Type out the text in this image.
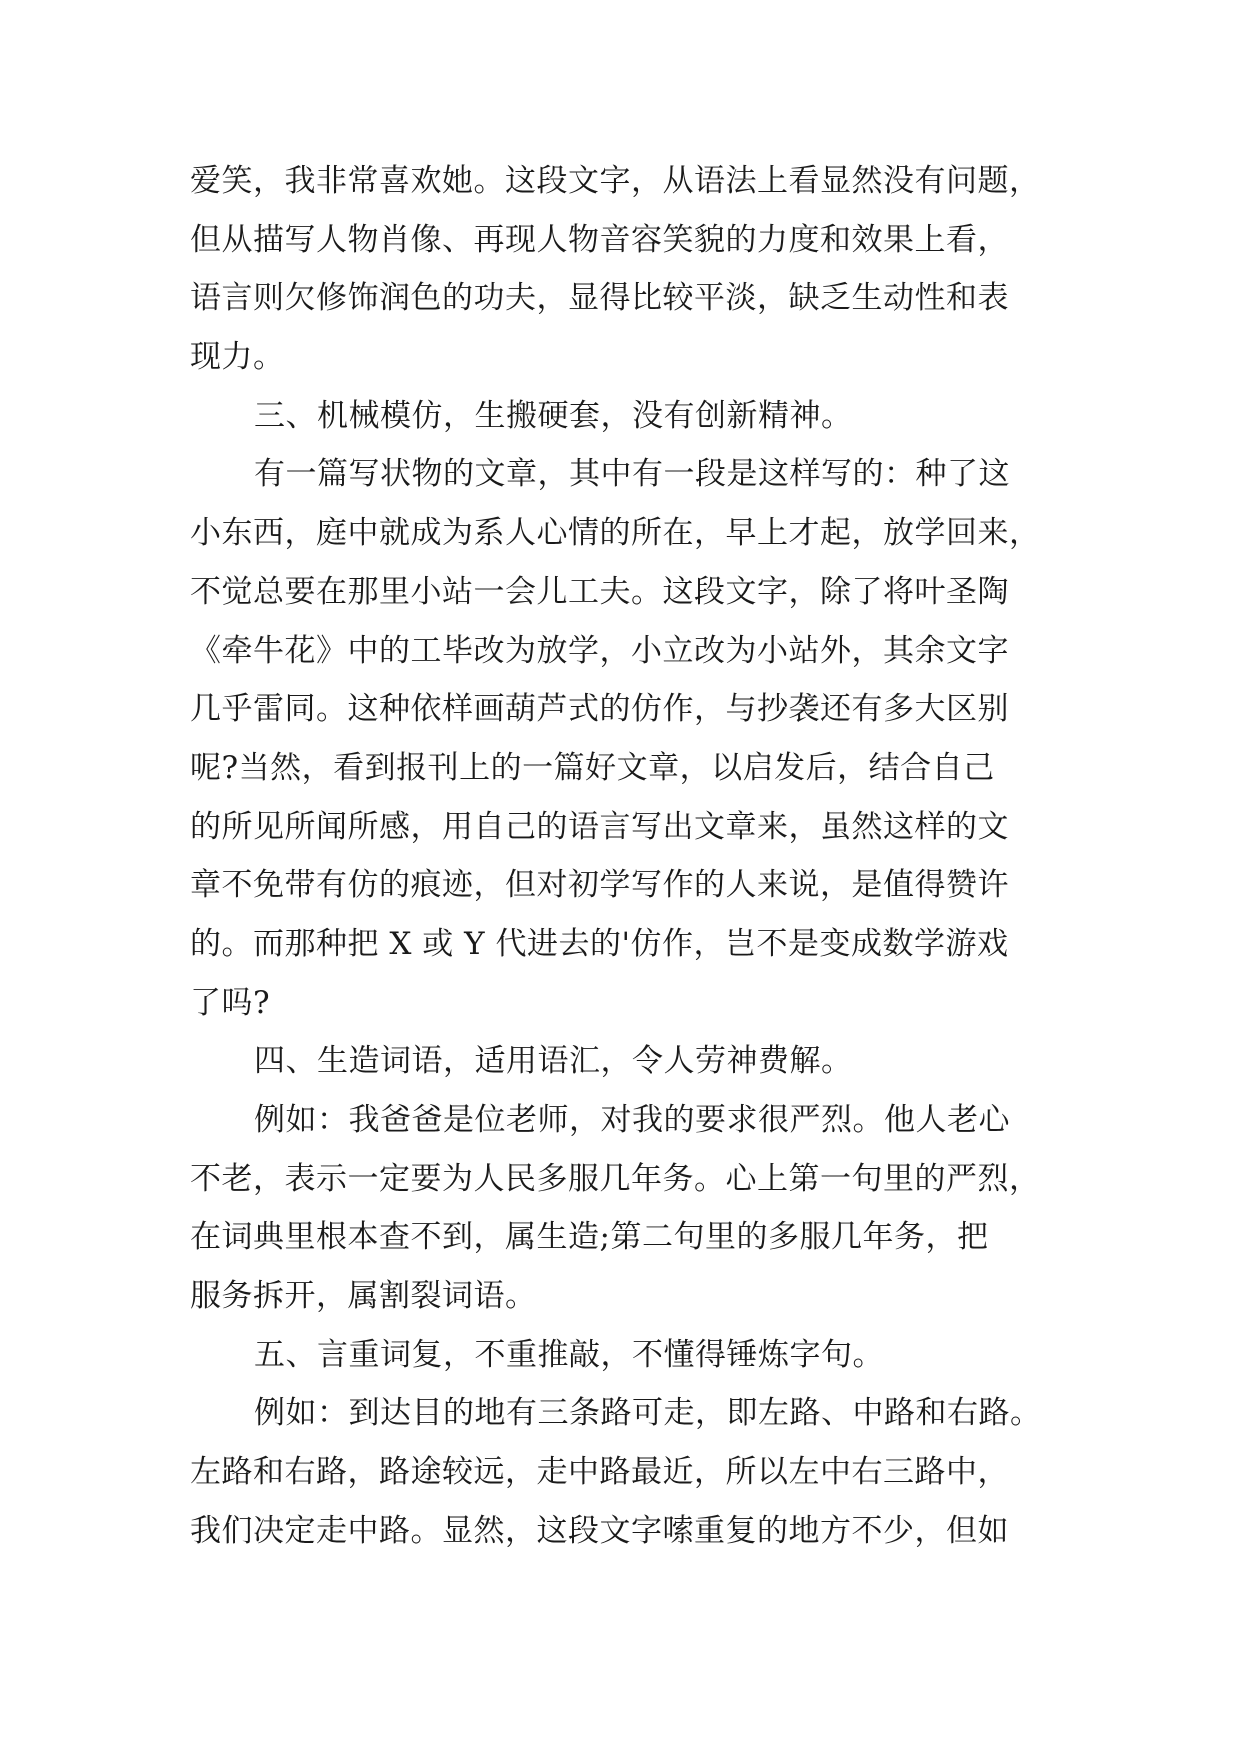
爱笑，我非常喜欢她。这段文字，从语法上看显然没有问题，
但从描写人物肖像、再现人物音容笑貌的力度和效果上看，
语言则欠修饰润色的功夫，显得比较平淡，缺乏生动性和表
现力。
三、机械模仿，生搬硬套，没有创新精神。
有一篇写状物的文章，其中有一段是这样写的：种了这
小东西，庭中就成为系人心情的所在，早上才起，放学回来，
不觉总要在那里小站一会儿工夫。这段文字，除了将叶圣陶
《牵牛花》中的工毕改为放学，小立改为小站外，其余文字
几乎雷同。这种依样画葫芦式的仿作，与抄袭还有多大区别
呢?当然，看到报刊上的一篇好文章，以启发后，结合自己
的所见所闻所感，用自己的语言写出文章来，虽然这样的文
章不免带有仿的痕迹，但对初学写作的人来说，是值得赞许
的。而那种把 X 或 Y 代进去的'仿作，岂不是变成数学游戏
了吗?
四、生造词语，适用语汇，令人劳神费解。
例如：我爸爸是位老师，对我的要求很严烈。他人老心
不老，表示一定要为人民多服几年务。心上第一句里的严烈，
在词典里根本查不到，属生造;第二句里的多服几年务，把
服务拆开，属割裂词语。
五、言重词复，不重推敲，不懂得锤炼字句。
例如：到达目的地有三条路可走，即左路、中路和右路。
左路和右路，路途较远，走中路最近，所以左中右三路中，
我们决定走中路。显然，这段文字嗦重复的地方不少，但如
